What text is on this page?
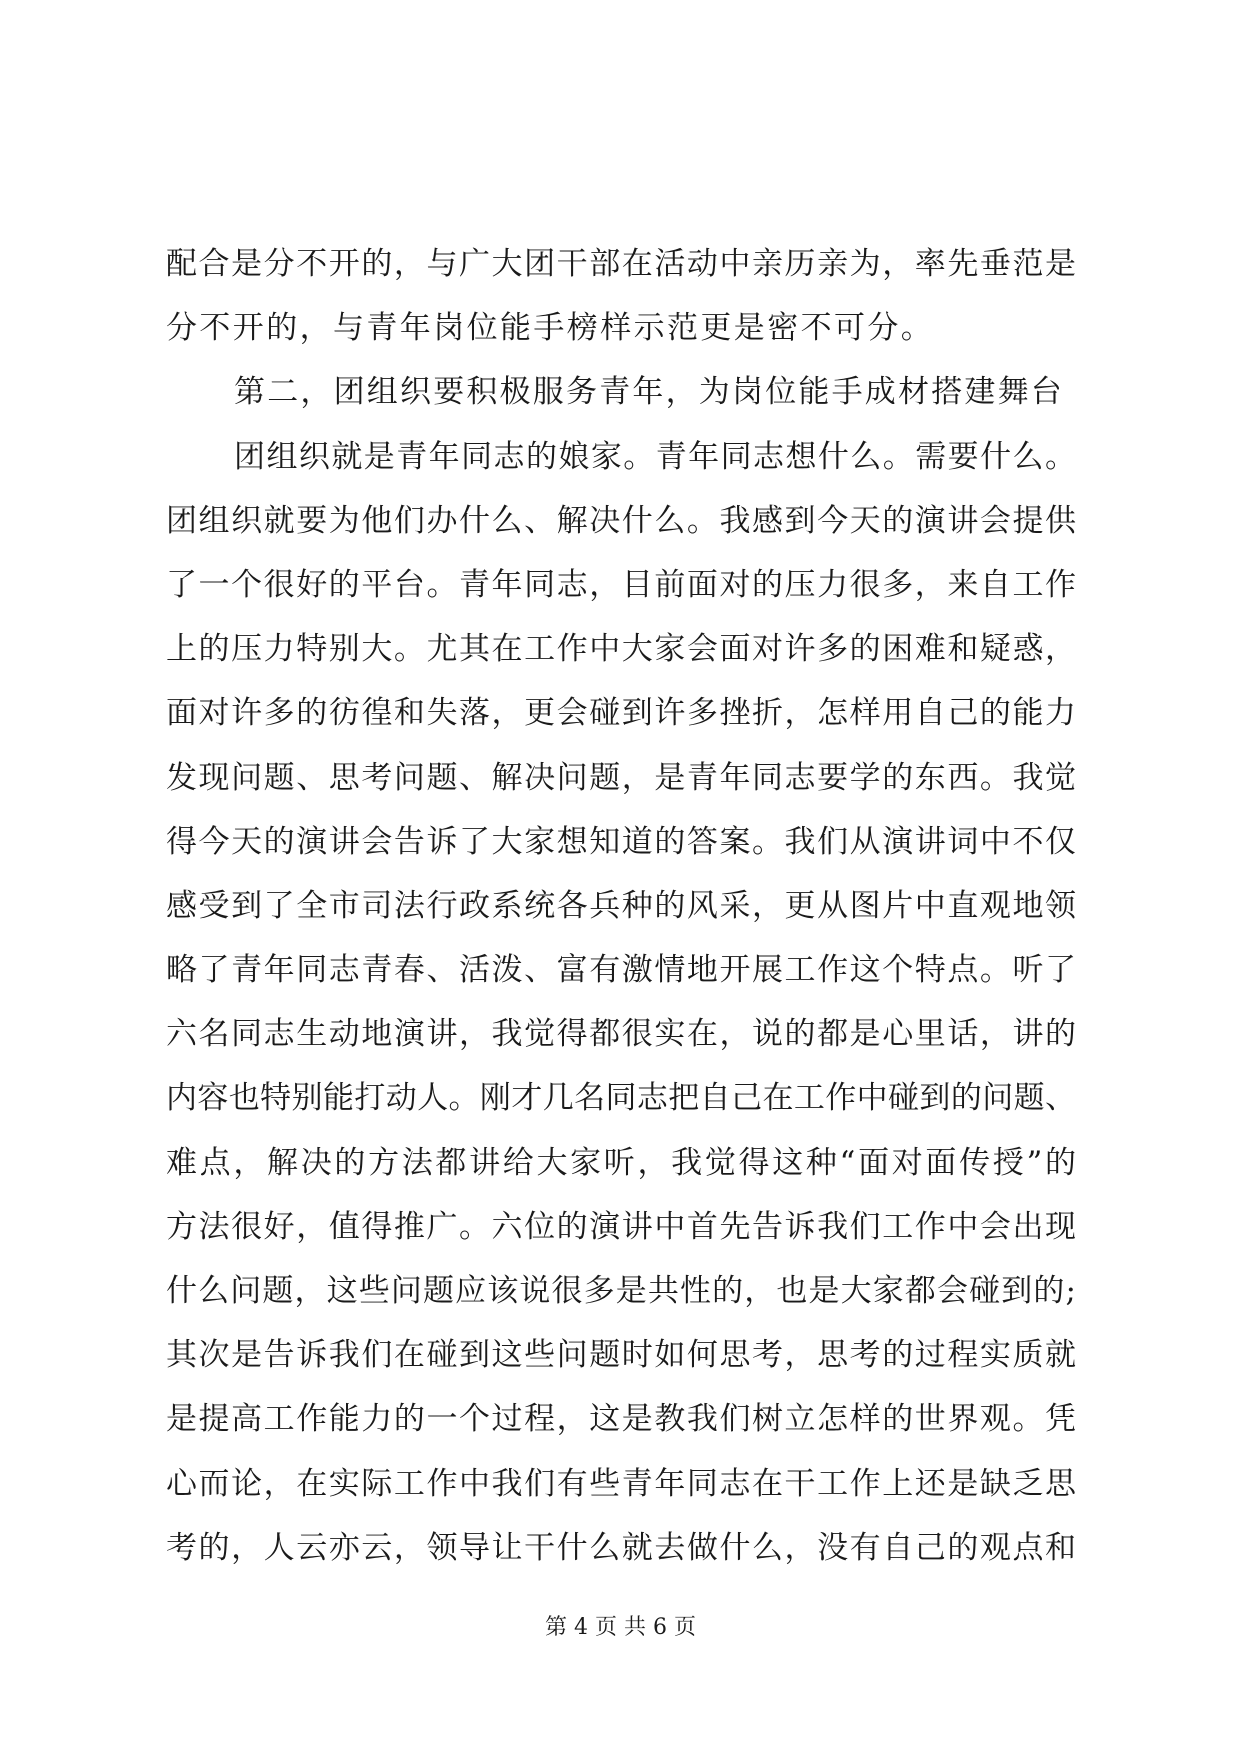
配合是分不开的，与广大团干部在活动中亲历亲为，率先垂范是
分不开的，与青年岗位能手榜样示范更是密不可分。
第二，团组织要积极服务青年，为岗位能手成材搭建舞台
团组织就是青年同志的娘家。青年同志想什么。需要什么。
团组织就要为他们办什么、解决什么。我感到今天的演讲会提供
了一个很好的平台。青年同志，目前面对的压力很多，来自工作
上的压力特别大。尤其在工作中大家会面对许多的困难和疑惑，
面对许多的彷徨和失落，更会碰到许多挫折，怎样用自己的能力
发现问题、思考问题、解决问题，是青年同志要学的东西。我觉
得今天的演讲会告诉了大家想知道的答案。我们从演讲词中不仅
感受到了全市司法行政系统各兵种的风采，更从图片中直观地领
略了青年同志青春、活泼、富有激情地开展工作这个特点。听了
六名同志生动地演讲，我觉得都很实在，说的都是心里话，讲的
内容也特别能打动人。刚才几名同志把自己在工作中碰到的问题、
难点，解决的方法都讲给大家听，我觉得这种“面对面传授”的
方法很好，值得推广。六位的演讲中首先告诉我们工作中会出现
什么问题，这些问题应该说很多是共性的，也是大家都会碰到的;
其次是告诉我们在碰到这些问题时如何思考，思考的过程实质就
是提高工作能力的一个过程，这是教我们树立怎样的世界观。凭
心而论，在实际工作中我们有些青年同志在干工作上还是缺乏思
考的，人云亦云，领导让干什么就去做什么，没有自己的观点和
第 4 页 共 6 页
